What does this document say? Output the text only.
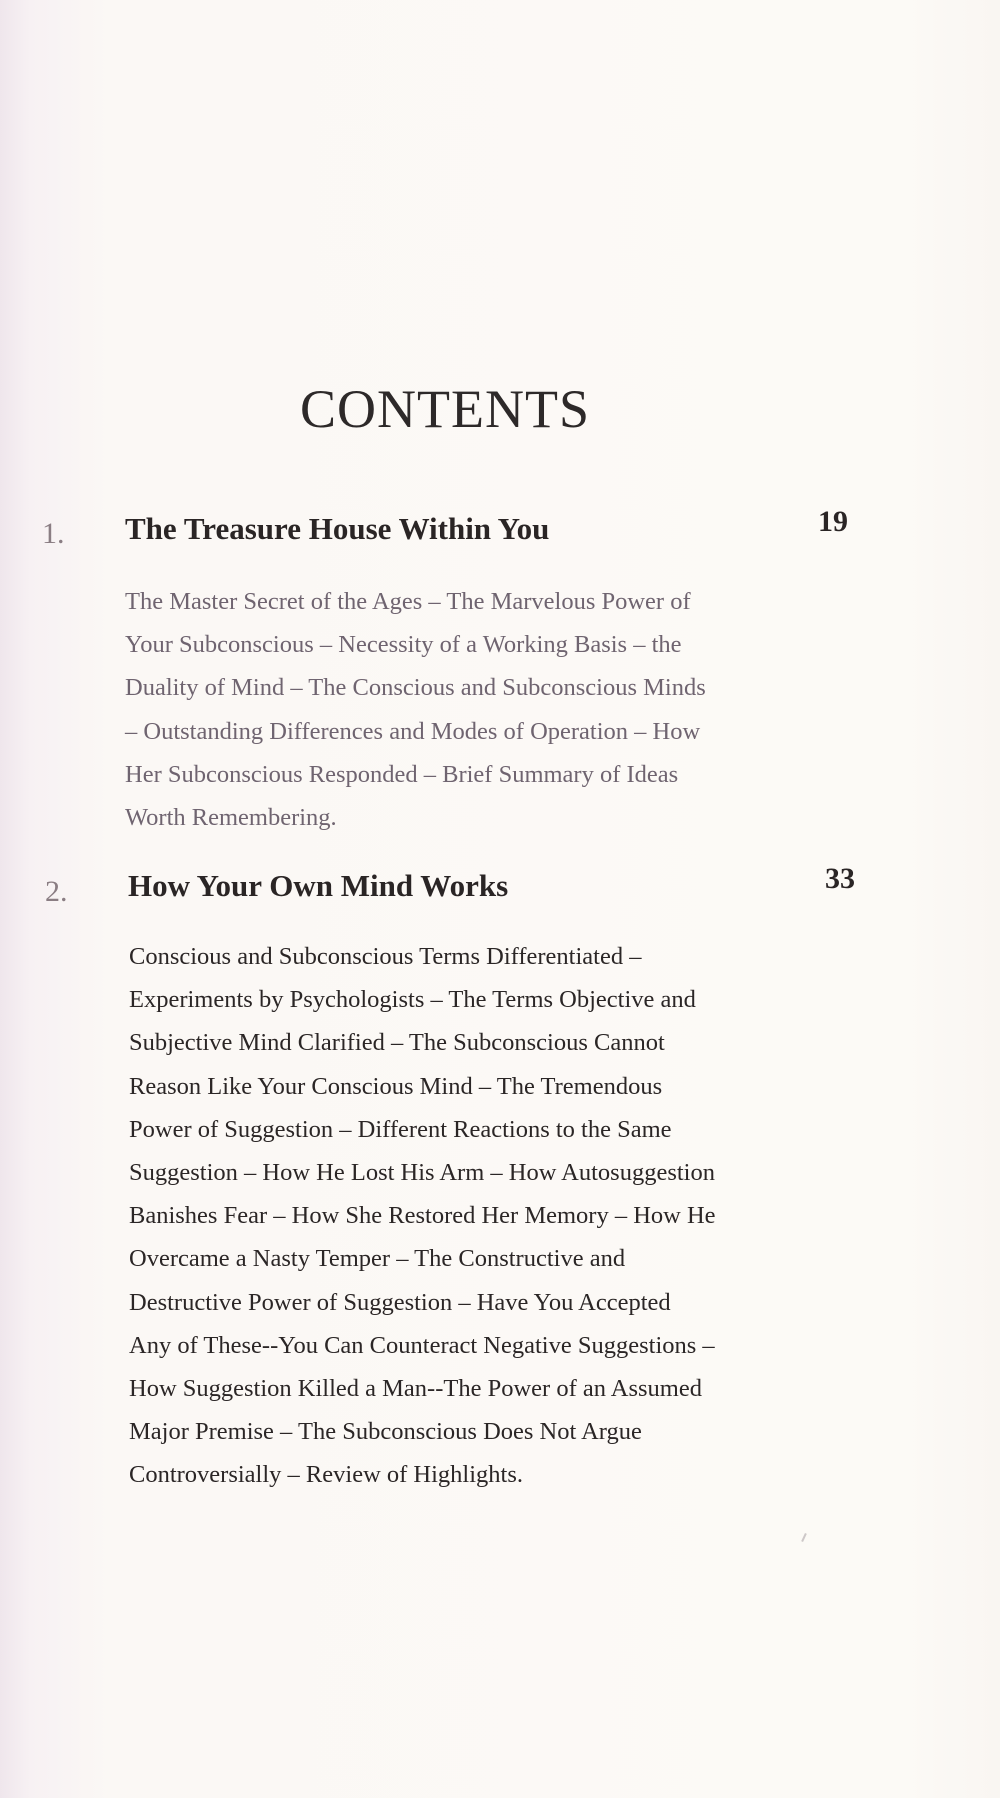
CONTENTS
1. The Treasure House Within You	19
The Master Secret of the Ages – The Marvelous Power of
Your Subconscious – Necessity of a Working Basis – the
Duality of Mind – The Conscious and Subconscious Minds
– Outstanding Differences and Modes of Operation – How
Her Subconscious Responded – Brief Summary of Ideas
Worth Remembering.
2. How Your Own Mind Works	33
Conscious and Subconscious Terms Differentiated –
Experiments by Psychologists – The Terms Objective and
Subjective Mind Clarified – The Subconscious Cannot
Reason Like Your Conscious Mind – The Tremendous
Power of Suggestion – Different Reactions to the Same
Suggestion – How He Lost His Arm – How Autosuggestion
Banishes Fear – How She Restored Her Memory – How He
Overcame a Nasty Temper – The Constructive and
Destructive Power of Suggestion – Have You Accepted
Any of These--You Can Counteract Negative Suggestions –
How Suggestion Killed a Man--The Power of an Assumed
Major Premise – The Subconscious Does Not Argue
Controversially – Review of Highlights.
